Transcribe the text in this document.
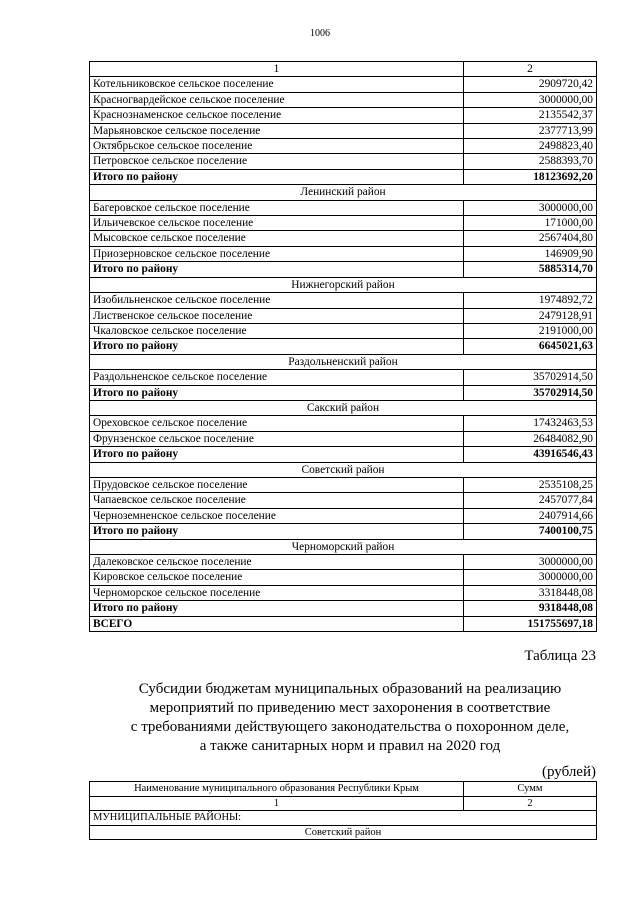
1006
1	2
Котельниковское сельское поселение	2909720,42
Красногвардейское сельское поселение	3000000,00
Краснознаменское сельское поселение	2135542,37
Марьяновское сельское поселение	2377713,99
Октябрьское сельское поселение	2498823,40
Петровское сельское поселение	2588393,70
Итого по району	18123692,20
Ленинский район	
Багеровское сельское поселение	3000000,00
Ильичевское сельское поселение	171000,00
Мысовское сельское поселение	2567404,80
Приозерновское сельское поселение	146909,90
Итого по району	5885314,70
Нижнегорский район	
Изобильненское сельское поселение	1974892,72
Лиственское сельское поселение	2479128,91
Чкаловское сельское поселение	2191000,00
Итого по району	6645021,63
Раздольненский район	
Раздольненское сельское поселение	35702914,50
Итого по району	35702914,50
Сакский район	
Ореховское сельское поселение	17432463,53
Фрунзенское сельское поселение	26484082,90
Итого по району	43916546,43
Советский район	
Прудовское сельское поселение	2535108,25
Чапаевское сельское поселение	2457077,84
Черноземненское сельское поселение	2407914,66
Итого по району	7400100,75
Черноморский район	
Далековское сельское поселение	3000000,00
Кировское сельское поселение	3000000,00
Черноморское сельское поселение	3318448,08
Итого по району	9318448,08
ВСЕГО	151755697,18
Таблица 23
Субсидии бюджетам муниципальных образований на реализацию
мероприятий по приведению мест захоронения в соответствие
с требованиями действующего законодательства о похоронном деле,
а также санитарных норм и правил на 2020 год
(рублей)
Наименование муниципального образования Республики Крым	Сумм
1	2
МУНИЦИПАЛЬНЫЕ РАЙОНЫ:	
Советский район	
